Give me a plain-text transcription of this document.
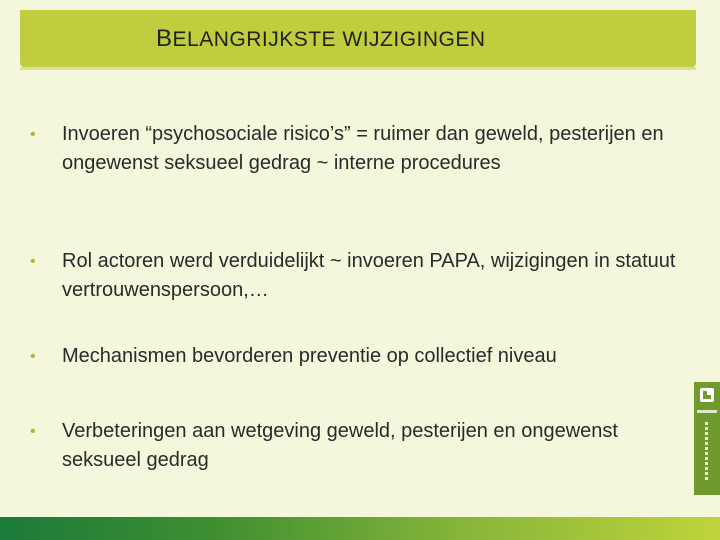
BELANGRIJKSTE WIJZIGINGEN
• Invoeren “psychosociale risico’s” = ruimer dan geweld, pesterijen en ongewenst seksueel gedrag ~ interne procedures
• Rol actoren werd verduidelijkt ~ invoeren PAPA, wijzigingen in statuut vertrouwenspersoon,…
• Mechanismen bevorderen preventie op collectief niveau
• Verbeteringen aan wetgeving geweld, pesterijen en ongewenst seksueel gedrag
